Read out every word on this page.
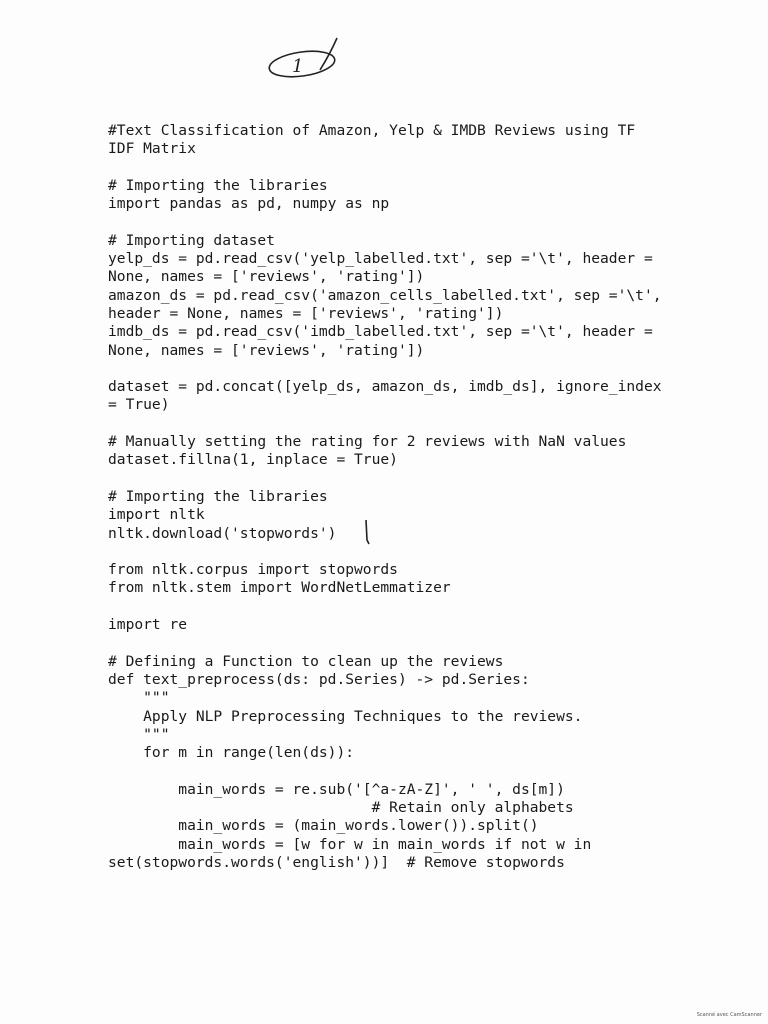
1
#Text Classification of Amazon, Yelp & IMDB Reviews using TF
IDF Matrix
# Importing the libraries
import pandas as pd, numpy as np
# Importing dataset
yelp_ds = pd.read_csv('yelp_labelled.txt', sep ='\t', header =
None, names = ['reviews', 'rating'])
amazon_ds = pd.read_csv('amazon_cells_labelled.txt', sep ='\t',
header = None, names = ['reviews', 'rating'])
imdb_ds = pd.read_csv('imdb_labelled.txt', sep ='\t', header =
None, names = ['reviews', 'rating'])
dataset = pd.concat([yelp_ds, amazon_ds, imdb_ds], ignore_index
= True)
# Manually setting the rating for 2 reviews with NaN values
dataset.fillna(1, inplace = True)
# Importing the libraries
import nltk
nltk.download('stopwords')
from nltk.corpus import stopwords
from nltk.stem import WordNetLemmatizer
import re
# Defining a Function to clean up the reviews
def text_preprocess(ds: pd.Series) -> pd.Series:
"""
Apply NLP Preprocessing Techniques to the reviews.
"""
for m in range(len(ds)):
main_words = re.sub('[^a-zA-Z]', ' ', ds[m])
# Retain only alphabets
main_words = (main_words.lower()).split()
main_words = [w for w in main_words if not w in
set(stopwords.words('english'))]  # Remove stopwords
Scanné avec CamScanner
